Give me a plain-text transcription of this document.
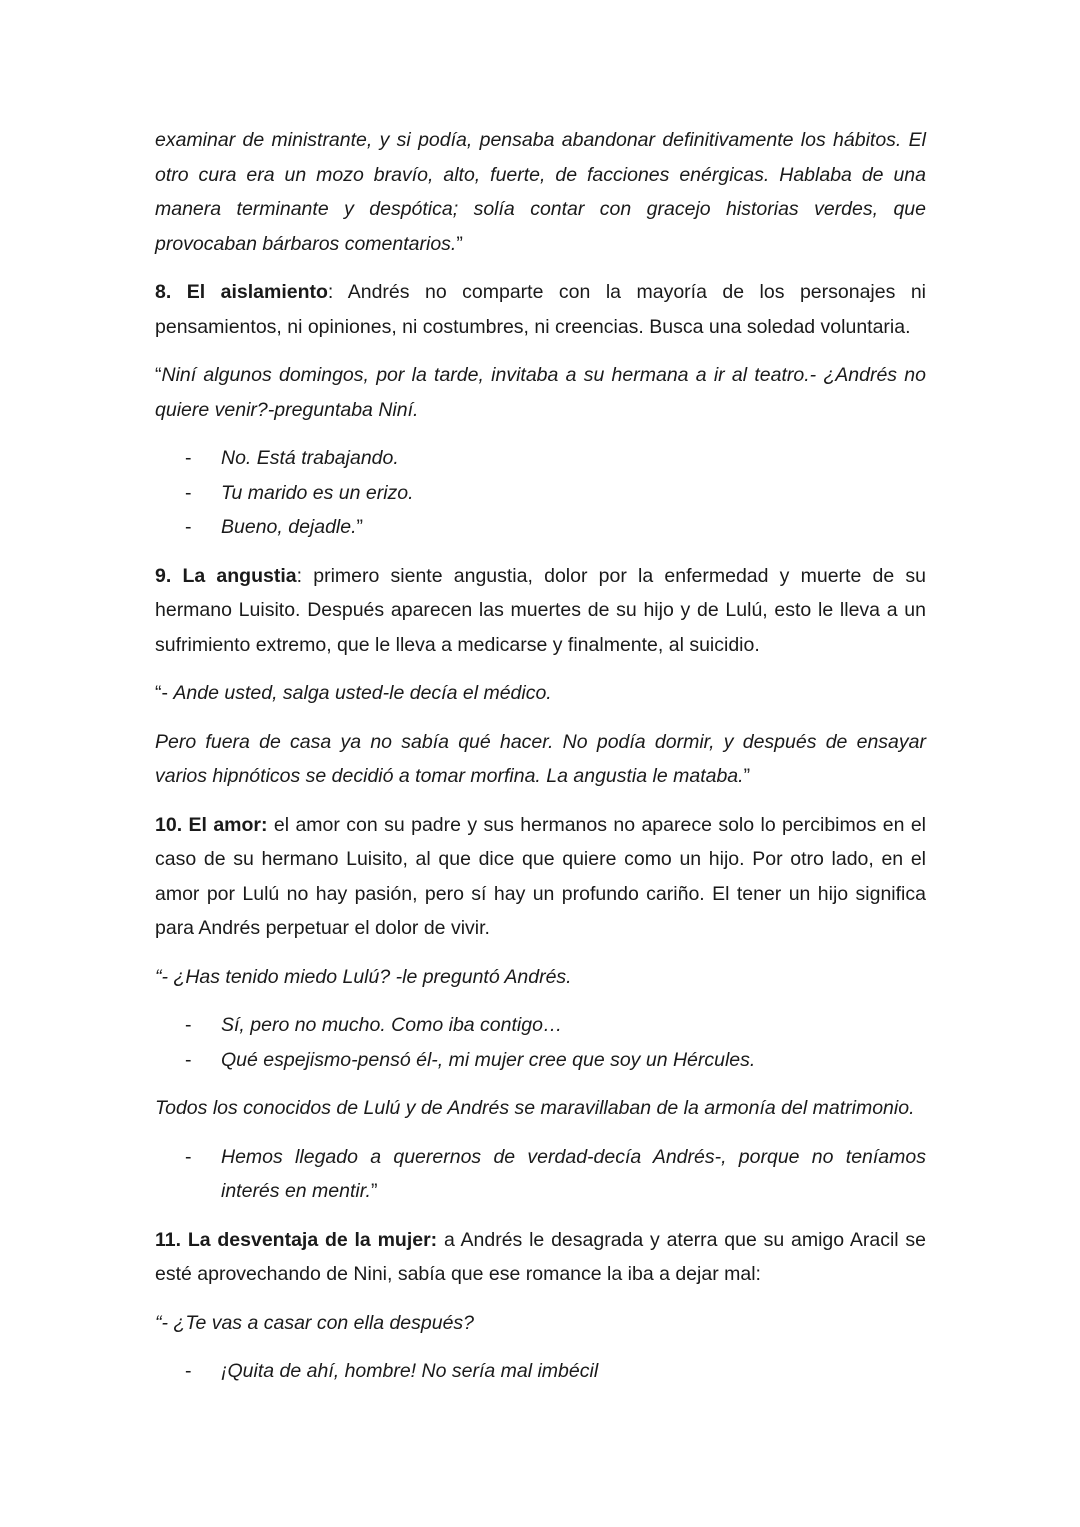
examinar de ministrante, y si podía, pensaba abandonar definitivamente los hábitos. El otro cura era un mozo bravío, alto, fuerte, de facciones enérgicas. Hablaba de una manera terminante y despótica; solía contar con gracejo historias verdes, que provocaban bárbaros comentarios.”

8. El aislamiento: Andrés no comparte con la mayoría de los personajes ni pensamientos, ni opiniones, ni costumbres, ni creencias. Busca una soledad voluntaria.

“Niní algunos domingos, por la tarde, invitaba a su hermana a ir al teatro.- ¿Andrés no quiere venir?-preguntaba Niní.

- No. Está trabajando.
- Tu marido es un erizo.
- Bueno, dejadle.”

9. La angustia: primero siente angustia, dolor por la enfermedad y muerte de su hermano Luisito. Después aparecen las muertes de su hijo y de Lulú, esto le lleva a un sufrimiento extremo, que le lleva a medicarse y finalmente, al suicidio.

“- Ande usted, salga usted-le decía el médico.

Pero fuera de casa ya no sabía qué hacer. No podía dormir, y después de ensayar varios hipnóticos se decidió a tomar morfina. La angustia le mataba.”

10. El amor: el amor con su padre y sus hermanos no aparece solo lo percibimos en el caso de su hermano Luisito, al que dice que quiere como un hijo. Por otro lado, en el amor por Lulú no hay pasión, pero sí hay un profundo cariño. El tener un hijo significa para Andrés perpetuar el dolor de vivir.

“- ¿Has tenido miedo Lulú? -le preguntó Andrés.

- Sí, pero no mucho. Como iba contigo…
- Qué espejismo-pensó él-, mi mujer cree que soy un Hércules.

Todos los conocidos de Lulú y de Andrés se maravillaban de la armonía del matrimonio.

- Hemos llegado a querernos de verdad-decía Andrés-, porque no teníamos interés en mentir.”

11. La desventaja de la mujer: a Andrés le desagrada y aterra que su amigo Aracil se esté aprovechando de Nini, sabía que ese romance la iba a dejar mal:

“- ¿Te vas a casar con ella después?

- ¡Quita de ahí, hombre! No sería mal imbécil
